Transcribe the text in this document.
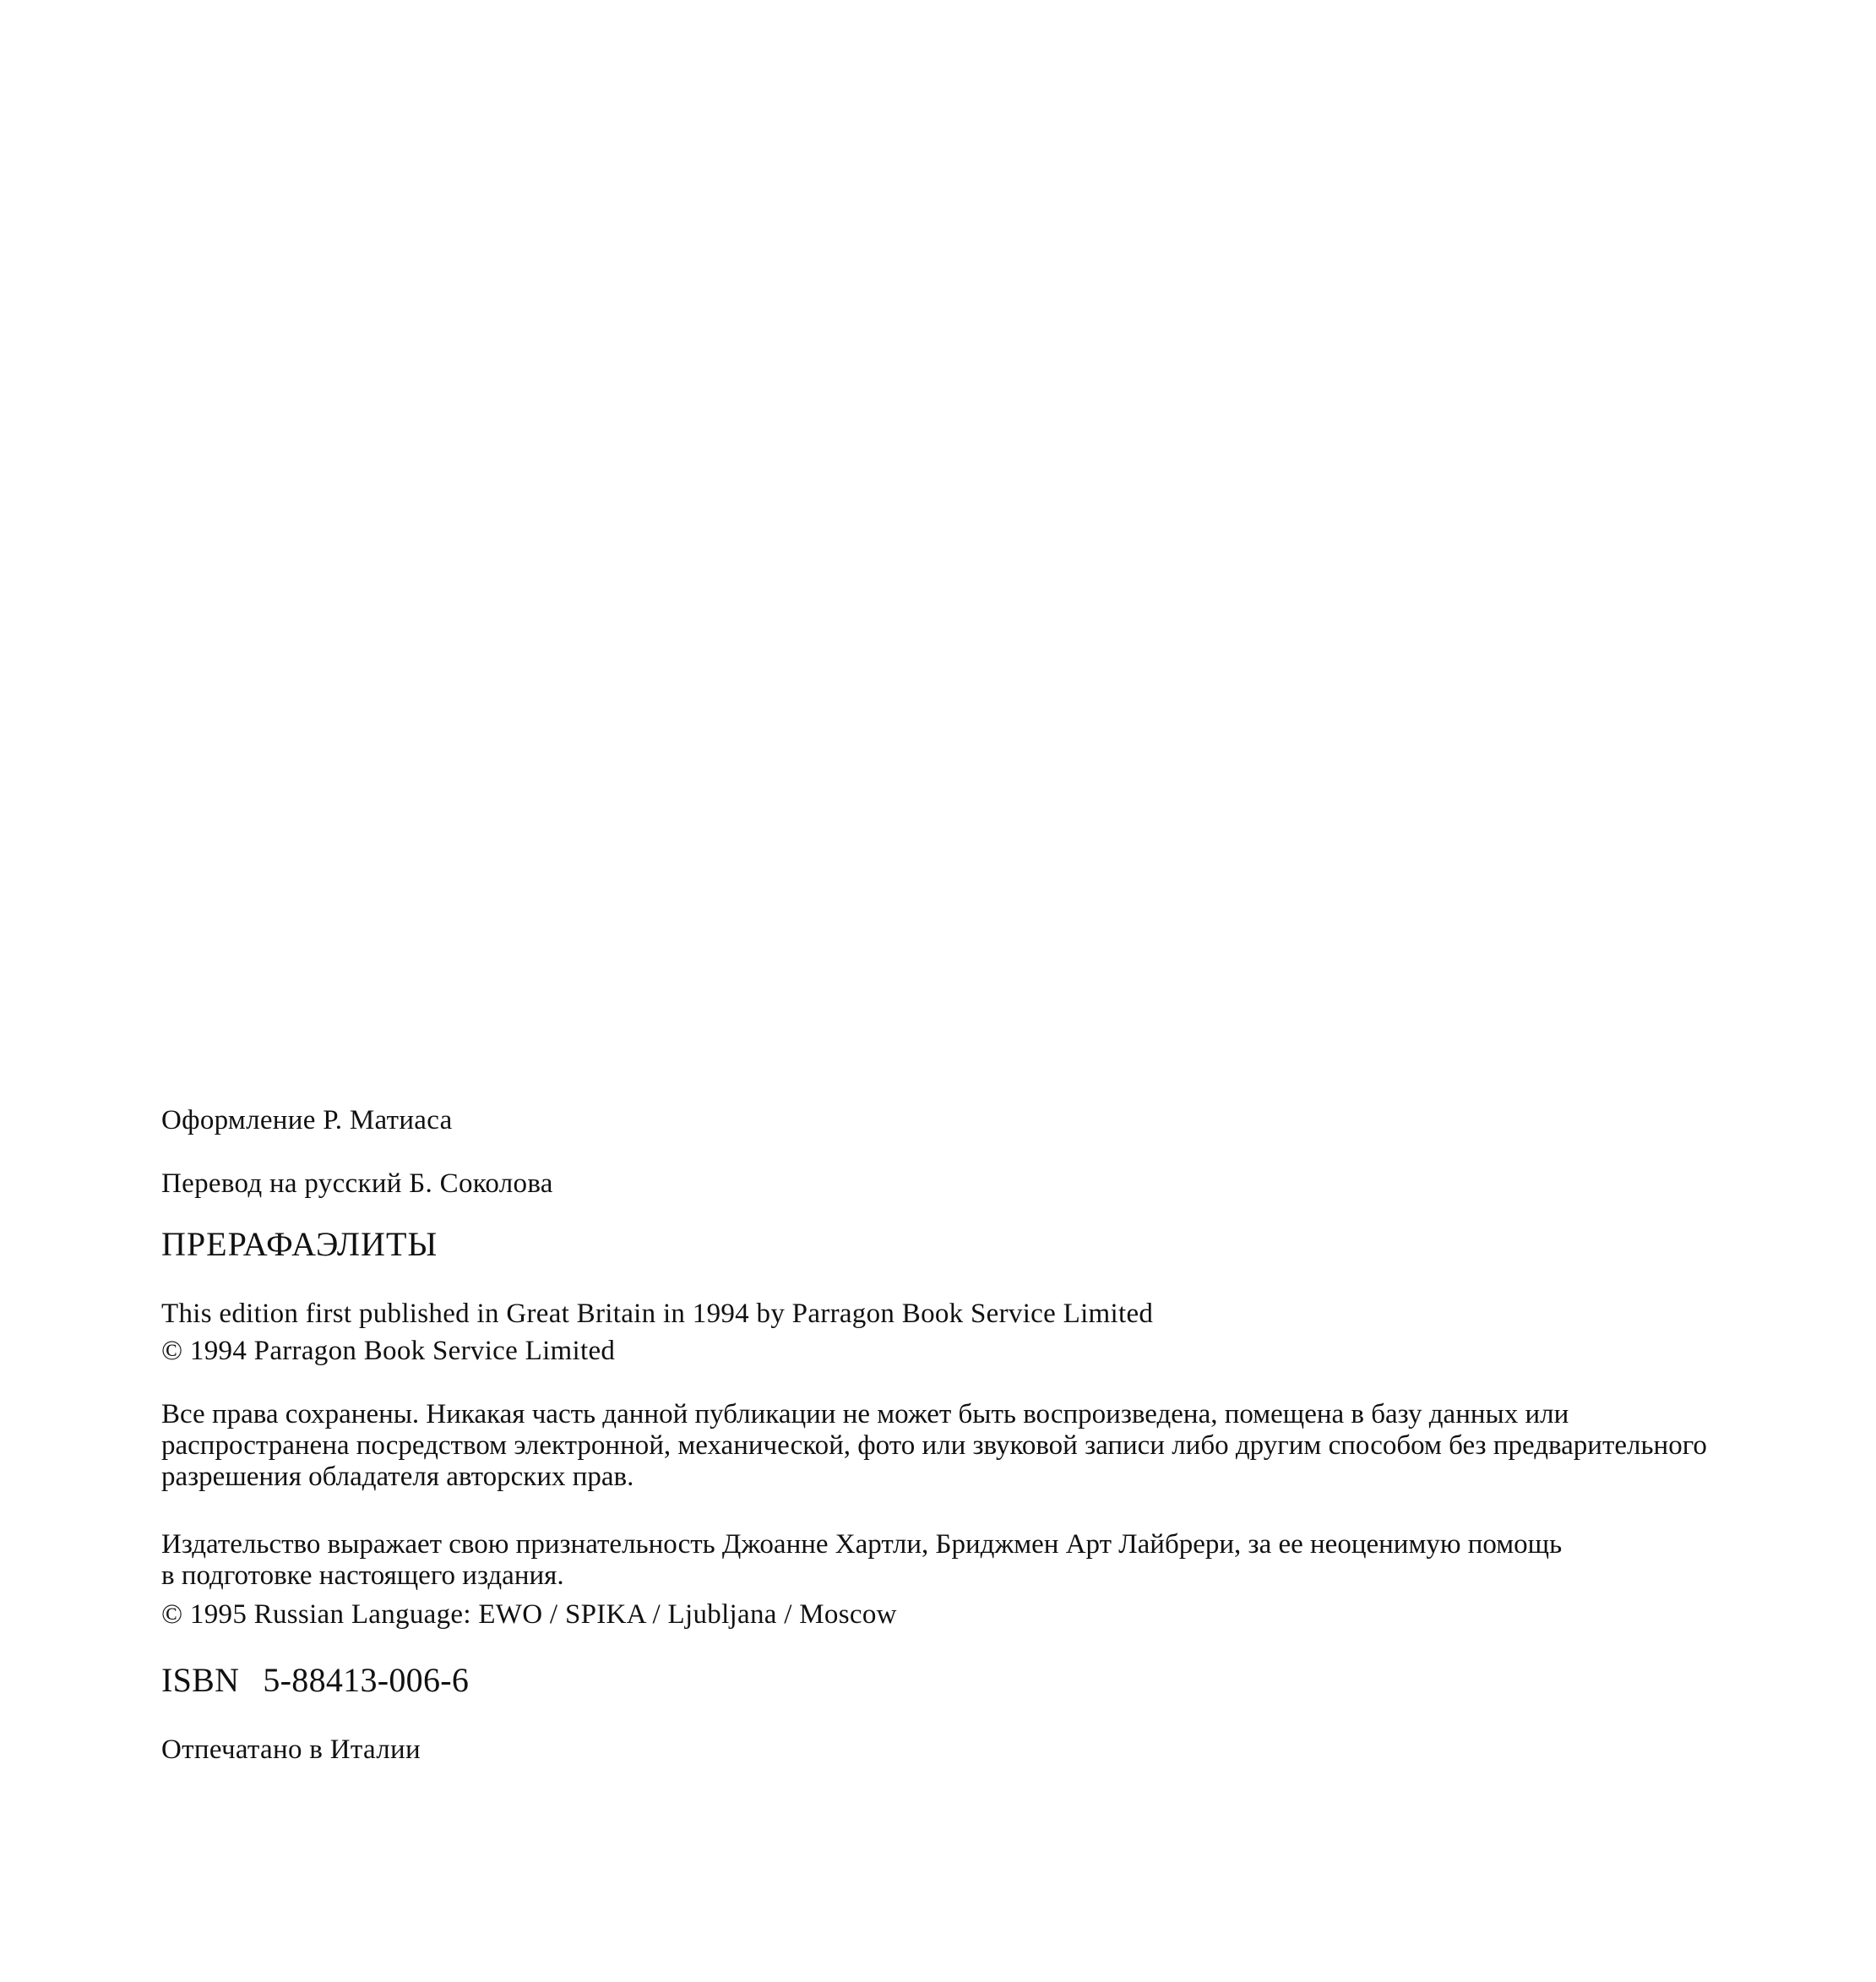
Оформление Р. Матиаса
Перевод на русский Б. Соколова
ПРЕРАФАЭЛИТЫ
This edition first published in Great Britain in 1994 by Parragon Book Service Limited
© 1994 Parragon Book Service Limited
Все права сохранены. Никакая часть данной публикации не может быть воспроизведена, помещена в базу данных или
распространена посредством электронной, механической, фото или звуковой записи либо другим способом без предварительного
разрешения обладателя авторских прав.
Издательство выражает свою признательность Джоанне Хартли, Бриджмен Арт Лайбрери, за ее неоценимую помощь
в подготовке настоящего издания.
© 1995 Russian Language: EWO / SPIKA / Ljubljana / Moscow
ISBN 5-88413-006-6
Отпечатано в Италии
